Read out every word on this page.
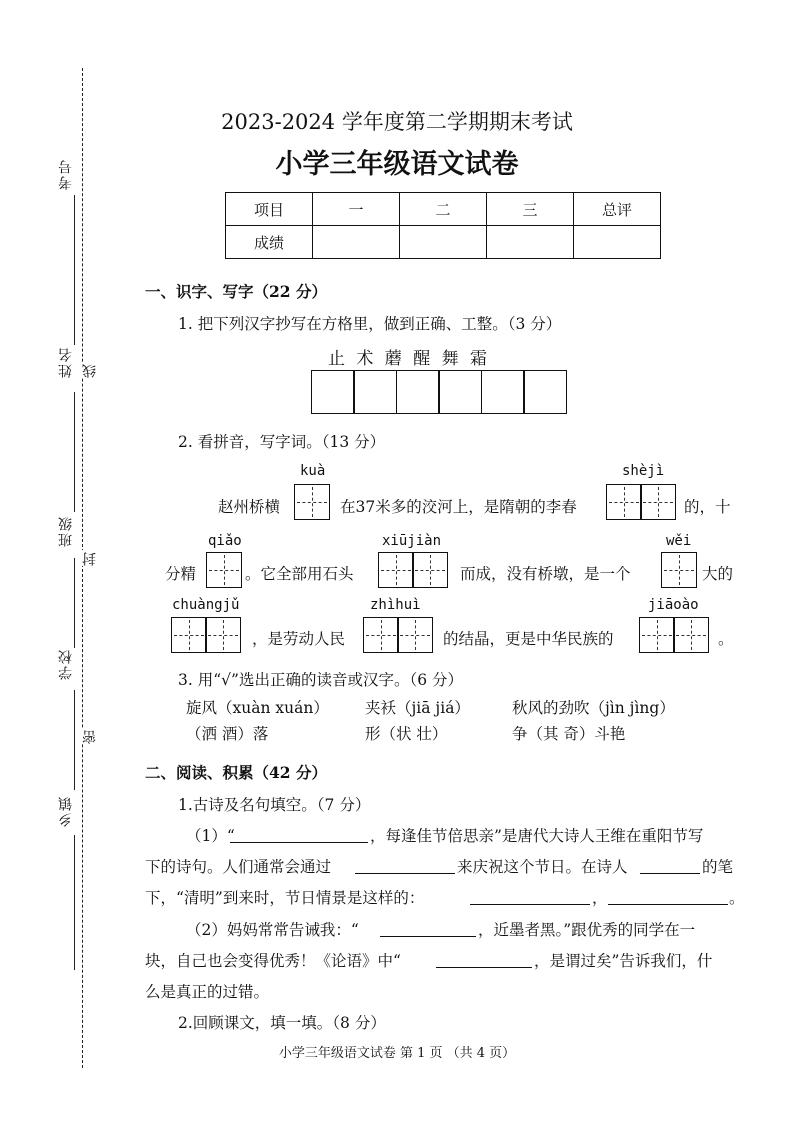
考号
姓名 线
班级
封
学校
密
乡镇
2023-2024 学年度第二学期期末考试
小学三年级语文试卷
项目	一	二	三	总评
成绩				
一、识字、写字（22 分）
1. 把下列汉字抄写在方格里，做到正确、工整。（3 分）
止 术 蘑 醒 舞 霜
2. 看拼音，写字词。（13 分）
kuà	shèjì
赵州桥横	在37米多的洨河上，是隋朝的李春	的，十
qiǎo	xiūjiàn	wěi
分精	。它全部用石头	而成，没有桥墩，是一个	大的
chuàngjǔ	zhìhuì	jiāoào
，是劳动人民	的结晶，更是中华民族的	。
3. 用“√”选出正确的读音或汉字。（6 分）
旋风（xuàn xuán） 夹袄（jiā jiá）	秋风的劲吹（jìn jìng）
（洒 酒）落	形（状 壮）	争（其 奇）斗艳
二、阅读、积累（42 分）
1.古诗及名句填空。（7 分）
（1）“	，每逢佳节倍思亲”是唐代大诗人王维在重阳节写
下的诗句。人们通常会通过	来庆祝这个节日。在诗人	的笔
下，“清明”到来时，节日情景是这样的：	，	。
（2）妈妈常常告诫我：“	，近墨者黑。”跟优秀的同学在一
块，自己也会变得优秀！《论语》中“	，是谓过矣”告诉我们，什
么是真正的过错。
2.回顾课文，填一填。（8 分）
小学三年级语文试卷 第 1 页 （共 4 页）
